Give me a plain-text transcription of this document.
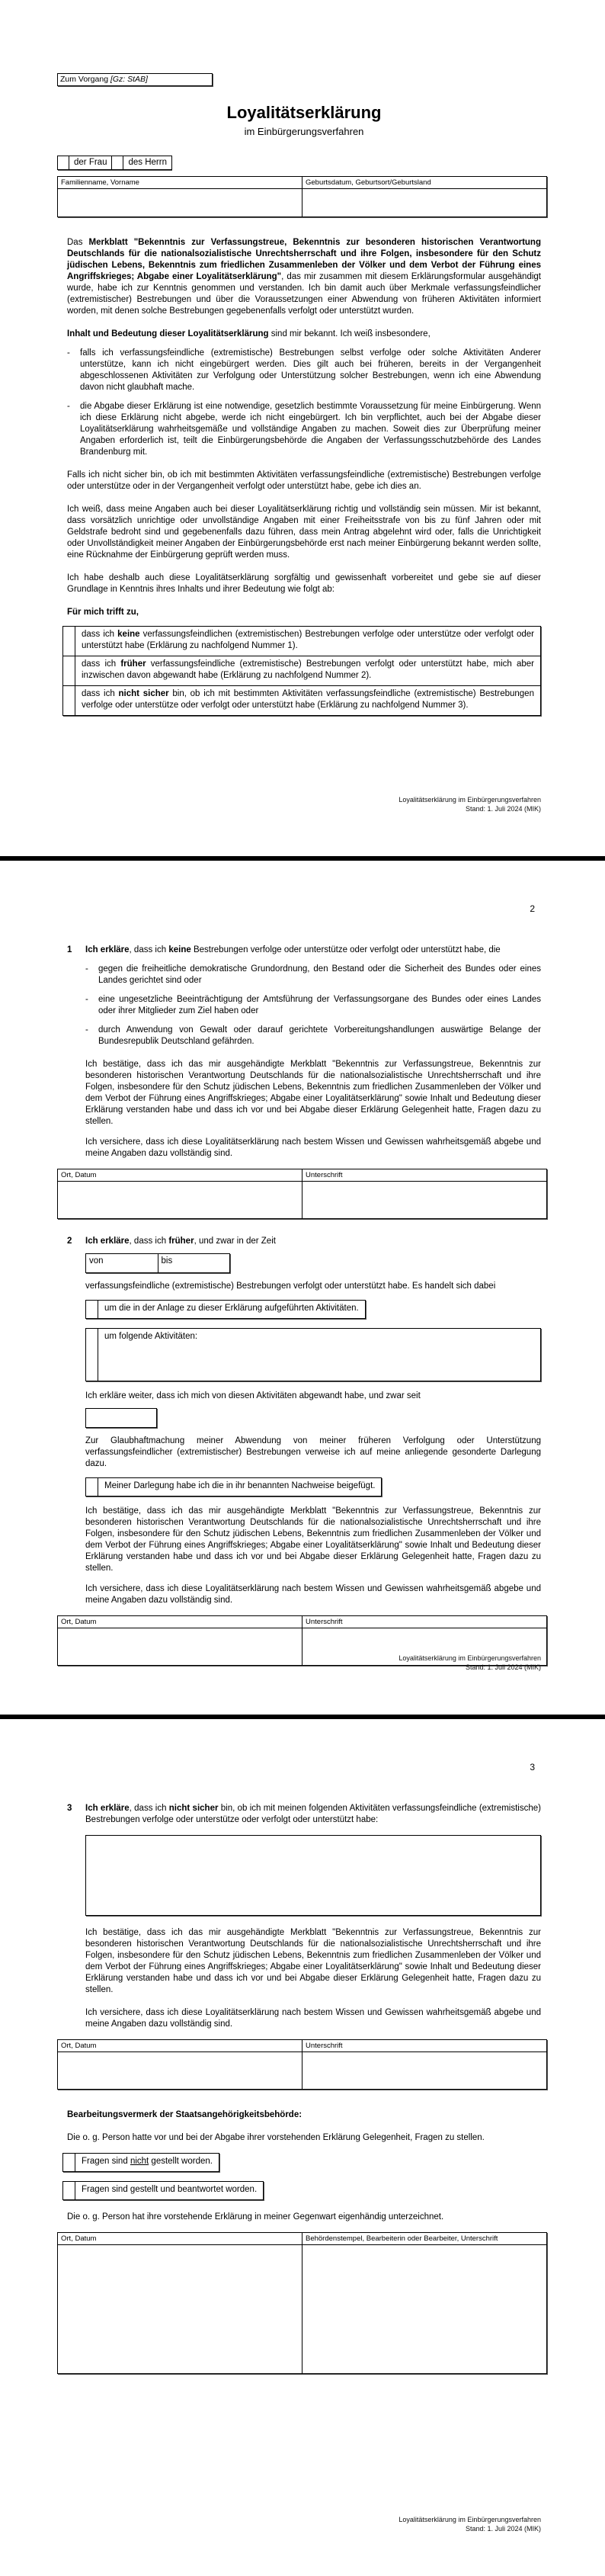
Zum Vorgang [Gz: StAB]
Loyalitätserklärung
im Einbürgerungsverfahren
der Frau	des Herrn
Familienname, Vorname	Geburtsdatum, Geburtsort/Geburtsland

Das Merkblatt "Bekenntnis zur Verfassungstreue, Bekenntnis zur besonderen historischen Verantwortung Deutschlands für die nationalsozialistische Unrechtsherrschaft und ihre Folgen, insbesondere für den Schutz jüdischen Lebens, Bekenntnis zum friedlichen Zusammenleben der Völker und dem Verbot der Führung eines Angriffskrieges; Abgabe einer Loyalitätserklärung", das mir zusammen mit diesem Erklärungsformular ausgehändigt wurde, habe ich zur Kenntnis genommen und verstanden. Ich bin damit auch über Merkmale verfassungsfeindlicher (extremistischer) Bestrebungen und über die Voraussetzungen einer Abwendung von früheren Aktivitäten informiert worden, mit denen solche Bestrebungen gegebenenfalls verfolgt oder unterstützt wurden.

Inhalt und Bedeutung dieser Loyalitätserklärung sind mir bekannt. Ich weiß insbesondere,

-	falls ich verfassungsfeindliche (extremistische) Bestrebungen selbst verfolge oder solche Aktivitäten Anderer unterstütze, kann ich nicht eingebürgert werden. Dies gilt auch bei früheren, bereits in der Vergangenheit abgeschlossenen Aktivitäten zur Verfolgung oder Unterstützung solcher Bestrebungen, wenn ich eine Abwendung davon nicht glaubhaft mache.
-	die Abgabe dieser Erklärung ist eine notwendige, gesetzlich bestimmte Voraussetzung für meine Einbürgerung. Wenn ich diese Erklärung nicht abgebe, werde ich nicht eingebürgert. Ich bin verpflichtet, auch bei der Abgabe dieser Loyalitätserklärung wahrheitsgemäße und vollständige Angaben zu machen. Soweit dies zur Überprüfung meiner Angaben erforderlich ist, teilt die Einbürgerungsbehörde die Angaben der Verfassungsschutzbehörde des Landes Brandenburg mit.

Falls ich nicht sicher bin, ob ich mit bestimmten Aktivitäten verfassungsfeindliche (extremistische) Bestrebungen verfolge oder unterstütze oder in der Vergangenheit verfolgt oder unterstützt habe, gebe ich dies an.

Ich weiß, dass meine Angaben auch bei dieser Loyalitätserklärung richtig und vollständig sein müssen. Mir ist bekannt, dass vorsätzlich unrichtige oder unvollständige Angaben mit einer Freiheitsstrafe von bis zu fünf Jahren oder mit Geldstrafe bedroht sind und gegebenenfalls dazu führen, dass mein Antrag abgelehnt wird oder, falls die Unrichtigkeit oder Unvollständigkeit meiner Angaben der Einbürgerungsbehörde erst nach meiner Einbürgerung bekannt werden sollte, eine Rücknahme der Einbürgerung geprüft werden muss.

Ich habe deshalb auch diese Loyalitätserklärung sorgfältig und gewissenhaft vorbereitet und gebe sie auf dieser Grundlage in Kenntnis ihres Inhalts und ihrer Bedeutung wie folgt ab:

Für mich trifft zu,

dass ich keine verfassungsfeindlichen (extremistischen) Bestrebungen verfolge oder unterstütze oder verfolgt oder unterstützt habe (Erklärung zu nachfolgend Nummer 1).
dass ich früher verfassungsfeindliche (extremistische) Bestrebungen verfolgt oder unterstützt habe, mich aber inzwischen davon abgewandt habe (Erklärung zu nachfolgend Nummer 2).
dass ich nicht sicher bin, ob ich mit bestimmten Aktivitäten verfassungsfeindliche (extremistische) Bestrebungen verfolge oder unterstütze oder verfolgt oder unterstützt habe (Erklärung zu nachfolgend Nummer 3).
Loyalitätserklärung im Einbürgerungsverfahren
Stand: 1. Juli 2024 (MIK)
2
1	Ich erkläre, dass ich keine Bestrebungen verfolge oder unterstütze oder verfolgt oder unterstützt habe, die

-	gegen die freiheitliche demokratische Grundordnung, den Bestand oder die Sicherheit des Bundes oder eines Landes gerichtet sind oder
-	eine ungesetzliche Beeinträchtigung der Amtsführung der Verfassungsorgane des Bundes oder eines Landes oder ihrer Mitglieder zum Ziel haben oder
-	durch Anwendung von Gewalt oder darauf gerichtete Vorbereitungshandlungen auswärtige Belange der Bundesrepublik Deutschland gefährden.

Ich bestätige, dass ich das mir ausgehändigte Merkblatt "Bekenntnis zur Verfassungstreue, Bekenntnis zur besonderen historischen Verantwortung Deutschlands für die nationalsozialistische Unrechtsherrschaft und ihre Folgen, insbesondere für den Schutz jüdischen Lebens, Bekenntnis zum friedlichen Zusammenleben der Völker und dem Verbot der Führung eines Angriffskrieges; Abgabe einer Loyalitätserklärung" sowie Inhalt und Bedeutung dieser Erklärung verstanden habe und dass ich vor und bei Abgabe dieser Erklärung Gelegenheit hatte, Fragen dazu zu stellen.

Ich versichere, dass ich diese Loyalitätserklärung nach bestem Wissen und Gewissen wahrheitsgemäß abgebe und meine Angaben dazu vollständig sind.

Ort, Datum	Unterschrift
2	Ich erkläre, dass ich früher, und zwar in der Zeit

von	bis

verfassungsfeindliche (extremistische) Bestrebungen verfolgt oder unterstützt habe. Es handelt sich dabei

um die in der Anlage zu dieser Erklärung aufgeführten Aktivitäten.
um folgende Aktivitäten:

Ich erkläre weiter, dass ich mich von diesen Aktivitäten abgewandt habe, und zwar seit

Zur Glaubhaftmachung meiner Abwendung von meiner früheren Verfolgung oder Unterstützung verfassungsfeindlicher (extremistischer) Bestrebungen verweise ich auf meine anliegende gesonderte Darlegung dazu.

Meiner Darlegung habe ich die in ihr benannten Nachweise beigefügt.

Ich bestätige, dass ich das mir ausgehändigte Merkblatt "Bekenntnis zur Verfassungstreue, Bekenntnis zur besonderen historischen Verantwortung Deutschlands für die nationalsozialistische Unrechtsherrschaft und ihre Folgen, insbesondere für den Schutz jüdischen Lebens, Bekenntnis zum friedlichen Zusammenleben der Völker und dem Verbot der Führung eines Angriffskrieges; Abgabe einer Loyalitätserklärung" sowie Inhalt und Bedeutung dieser Erklärung verstanden habe und dass ich vor und bei Abgabe dieser Erklärung Gelegenheit hatte, Fragen dazu zu stellen.

Ich versichere, dass ich diese Loyalitätserklärung nach bestem Wissen und Gewissen wahrheitsgemäß abgebe und meine Angaben dazu vollständig sind.

Ort, Datum	Unterschrift
Loyalitätserklärung im Einbürgerungsverfahren
Stand: 1. Juli 2024 (MIK)
3
3	Ich erkläre, dass ich nicht sicher bin, ob ich mit meinen folgenden Aktivitäten verfassungsfeindliche (extremistische) Bestrebungen verfolge oder unterstütze oder verfolgt oder unterstützt habe:

Ich bestätige, dass ich das mir ausgehändigte Merkblatt "Bekenntnis zur Verfassungstreue, Bekenntnis zur besonderen historischen Verantwortung Deutschlands für die nationalsozialistische Unrechtsherrschaft und ihre Folgen, insbesondere für den Schutz jüdischen Lebens, Bekenntnis zum friedlichen Zusammenleben der Völker und dem Verbot der Führung eines Angriffskrieges; Abgabe einer Loyalitätserklärung" sowie Inhalt und Bedeutung dieser Erklärung verstanden habe und dass ich vor und bei Abgabe dieser Erklärung Gelegenheit hatte, Fragen dazu zu stellen.

Ich versichere, dass ich diese Loyalitätserklärung nach bestem Wissen und Gewissen wahrheitsgemäß abgebe und meine Angaben dazu vollständig sind.

Ort, Datum	Unterschrift

Bearbeitungsvermerk der Staatsangehörigkeitsbehörde:

Die o. g. Person hatte vor und bei der Abgabe ihrer vorstehenden Erklärung Gelegenheit, Fragen zu stellen.

Fragen sind nicht gestellt worden.
Fragen sind gestellt und beantwortet worden.

Die o. g. Person hat ihre vorstehende Erklärung in meiner Gegenwart eigenhändig unterzeichnet.

Ort, Datum	Behördenstempel, Bearbeiterin oder Bearbeiter, Unterschrift
Loyalitätserklärung im Einbürgerungsverfahren
Stand: 1. Juli 2024 (MIK)
